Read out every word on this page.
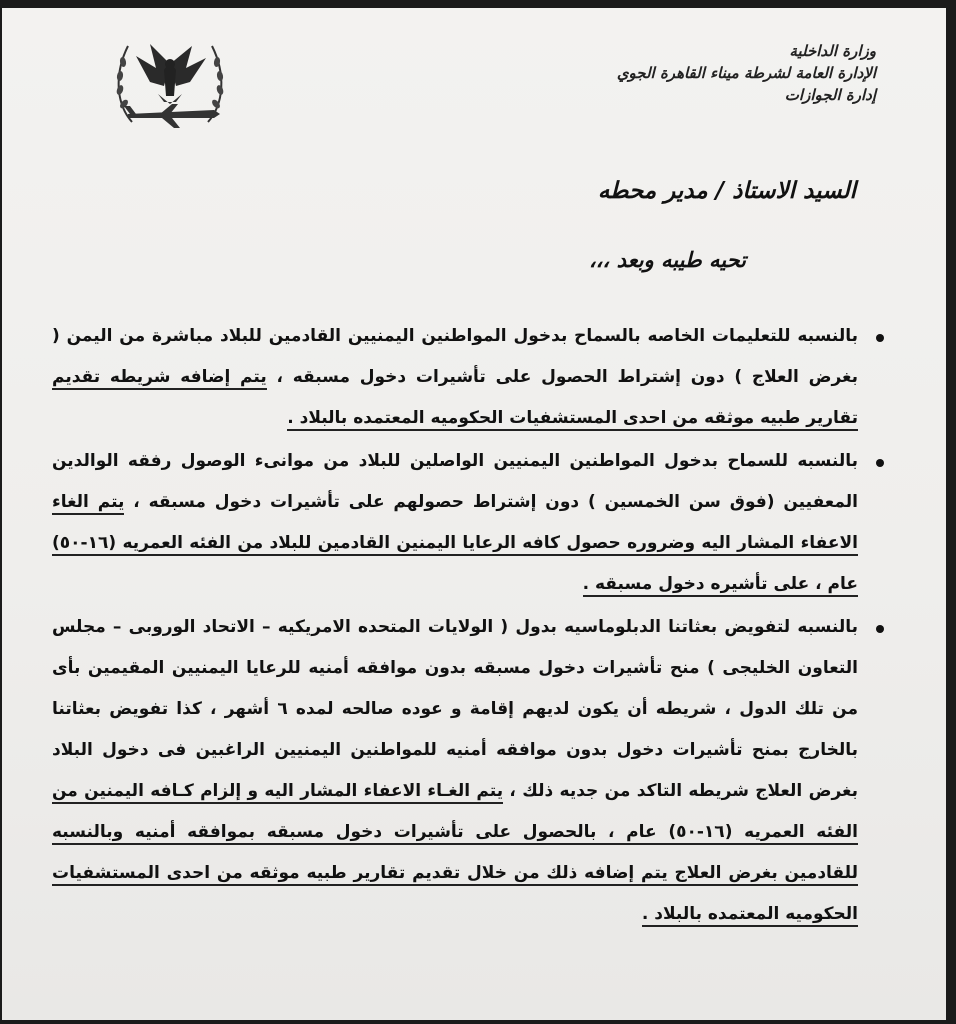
وزارة الداخلية
الإدارة العامة لشرطة ميناء القاهرة الجوي
إدارة الجوازات
السيد الاستاذ / مدير محطه
تحيه طيبه وبعد ،،،

بالنسبه للتعليمات الخاصه بالسماح بدخول المواطنين اليمنيين القادمين للبلاد مباشرة من اليمن ( بغرض العلاج ) دون إشتراط الحصول على تأشيرات دخول مسبقه ، يتم إضافه شريطه تقديم تقارير طبيه موثقه من احدى المستشفيات الحكوميه المعتمده بالبلاد .

بالنسبه للسماح بدخول المواطنين اليمنيين الواصلين للبلاد من موانىء الوصول رفقه الوالدين المعفيين (فوق سن الخمسين ) دون إشتراط حصولهم على تأشيرات دخول مسبقه ، يتم الغاء الاعفاء المشار اليه وضروره حصول كافه الرعايا اليمنين القادمين للبلاد من الفئه العمريه (١٦-٥٠) عام ، على تأشيره دخول مسبقه .

بالنسبه لتفويض بعثاتنا الدبلوماسيه بدول ( الولايات المتحده الامريكيه – الاتحاد الوروبى – مجلس التعاون الخليجى ) منح تأشيرات دخول مسبقه بدون موافقه أمنيه للرعايا اليمنيين المقيمين بأى من تلك الدول ، شريطه أن يكون لديهم إقامة و عوده صالحه لمده ٦ أشهر ، كذا تفويض بعثاتنا بالخارج بمنح تأشيرات دخول بدون موافقه أمنيه للمواطنين اليمنيين الراغبين فى دخول البلاد بغرض العلاج شريطه التاكد من جديه ذلك ، يتم الغـاء الاعفاء المشار اليه و إلزام كـافه اليمنين من الفئه العمريه (١٦-٥٠) عام ، بالحصول على تأشيرات دخول مسبقه بموافقه أمنيه وبالنسبه للقادمين بغرض العلاج يتم إضافه ذلك من خلال تقديم تقارير طبيه موثقه من احدى المستشفيات الحكوميه المعتمده بالبلاد .
